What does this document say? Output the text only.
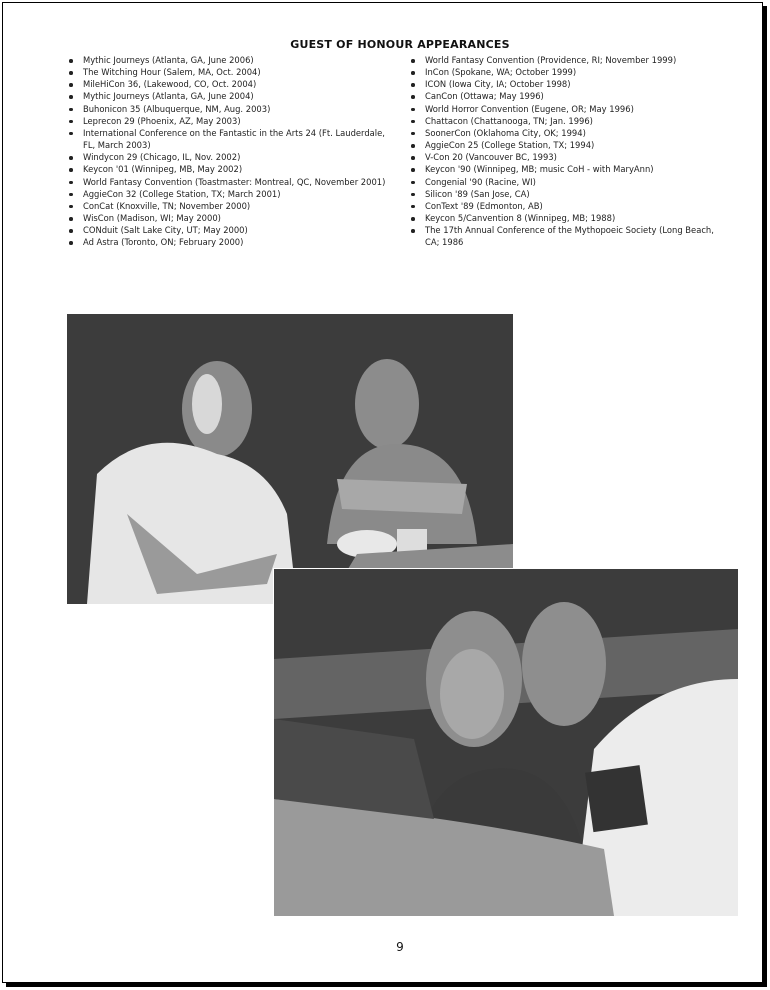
GUEST OF HONOUR APPEARANCES
Mythic Journeys (Atlanta, GA, June 2006)
The Witching Hour (Salem, MA, Oct. 2004)
MileHiCon 36, (Lakewood, CO, Oct. 2004)
Mythic Journeys (Atlanta, GA, June 2004)
Buhonicon 35 (Albuquerque, NM, Aug. 2003)
Leprecon 29 (Phoenix, AZ, May 2003)
International Conference on the Fantastic in the Arts 24 (Ft. Lauderdale, FL, March 2003)
Windycon 29 (Chicago, IL, Nov. 2002)
Keycon '01 (Winnipeg, MB, May 2002)
World Fantasy Convention (Toastmaster: Montreal, QC, November 2001)
AggieCon 32 (College Station, TX; March 2001)
ConCat (Knoxville, TN; November 2000)
WisCon (Madison, WI; May 2000)
CONduit (Salt Lake City, UT; May 2000)
Ad Astra (Toronto, ON; February 2000)
World Fantasy Convention (Providence, RI; November 1999)
InCon (Spokane, WA; October 1999)
ICON (Iowa City, IA; October 1998)
CanCon (Ottawa; May 1996)
World Horror Convention (Eugene, OR; May 1996)
Chattacon (Chattanooga, TN; Jan. 1996)
SoonerCon (Oklahoma City, OK; 1994)
AggieCon 25 (College Station, TX; 1994)
V-Con 20 (Vancouver BC, 1993)
Keycon '90 (Winnipeg, MB; music CoH - with MaryAnn)
Congenial '90 (Racine, WI)
Silicon '89 (San Jose, CA)
ConText '89 (Edmonton, AB)
Keycon 5/Canvention 8 (Winnipeg, MB; 1988)
The 17th Annual Conference of the Mythopoeic Society (Long Beach, CA; 1986
9
